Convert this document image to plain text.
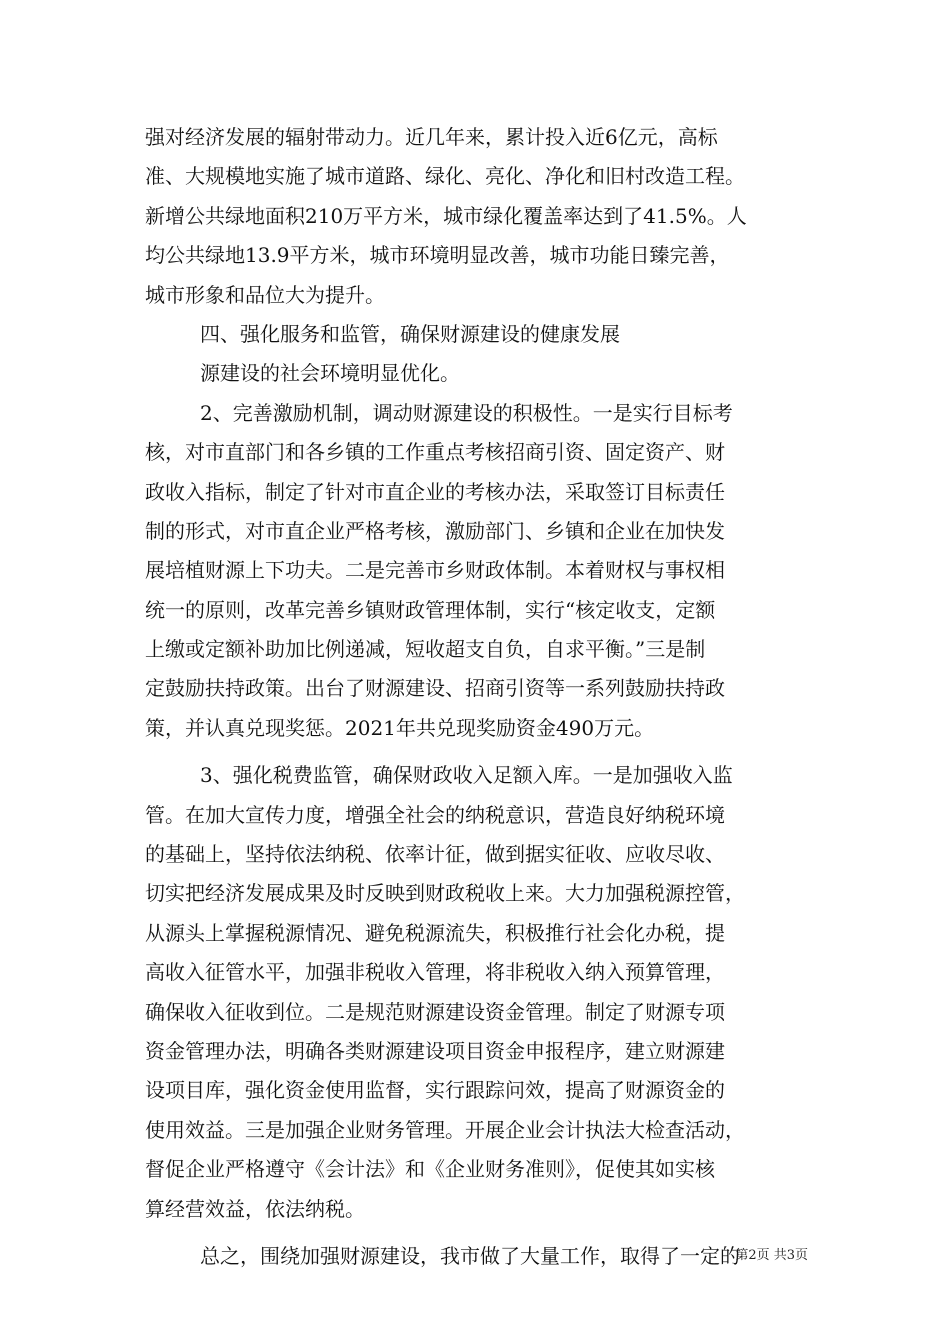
强对经济发展的辐射带动力。近几年来，累计投入近6亿元，高标
准、大规模地实施了城市道路、绿化、亮化、净化和旧村改造工程。
新增公共绿地面积210万平方米，城市绿化覆盖率达到了41.5%。人
均公共绿地13.9平方米，城市环境明显改善，城市功能日臻完善，
城市形象和品位大为提升。
四、强化服务和监管，确保财源建设的健康发展
源建设的社会环境明显优化。
2、完善激励机制，调动财源建设的积极性。一是实行目标考
核，对市直部门和各乡镇的工作重点考核招商引资、固定资产、财
政收入指标，制定了针对市直企业的考核办法，采取签订目标责任
制的形式，对市直企业严格考核，激励部门、乡镇和企业在加快发
展培植财源上下功夫。二是完善市乡财政体制。本着财权与事权相
统一的原则，改革完善乡镇财政管理体制，实行“核定收支，定额
上缴或定额补助加比例递减，短收超支自负，自求平衡。”三是制
定鼓励扶持政策。出台了财源建设、招商引资等一系列鼓励扶持政
策，并认真兑现奖惩。2021年共兑现奖励资金490万元。
3、强化税费监管，确保财政收入足额入库。一是加强收入监
管。在加大宣传力度，增强全社会的纳税意识，营造良好纳税环境
的基础上，坚持依法纳税、依率计征，做到据实征收、应收尽收、
切实把经济发展成果及时反映到财政税收上来。大力加强税源控管，
从源头上掌握税源情况、避免税源流失，积极推行社会化办税，提
高收入征管水平，加强非税收入管理，将非税收入纳入预算管理，
确保收入征收到位。二是规范财源建设资金管理。制定了财源专项
资金管理办法，明确各类财源建设项目资金申报程序，建立财源建
设项目库，强化资金使用监督，实行跟踪问效，提高了财源资金的
使用效益。三是加强企业财务管理。开展企业会计执法大检查活动，
督促企业严格遵守《会计法》和《企业财务准则》，促使其如实核
算经营效益，依法纳税。
总之，围绕加强财源建设，我市做了大量工作，取得了一定的
第2页 共3页
